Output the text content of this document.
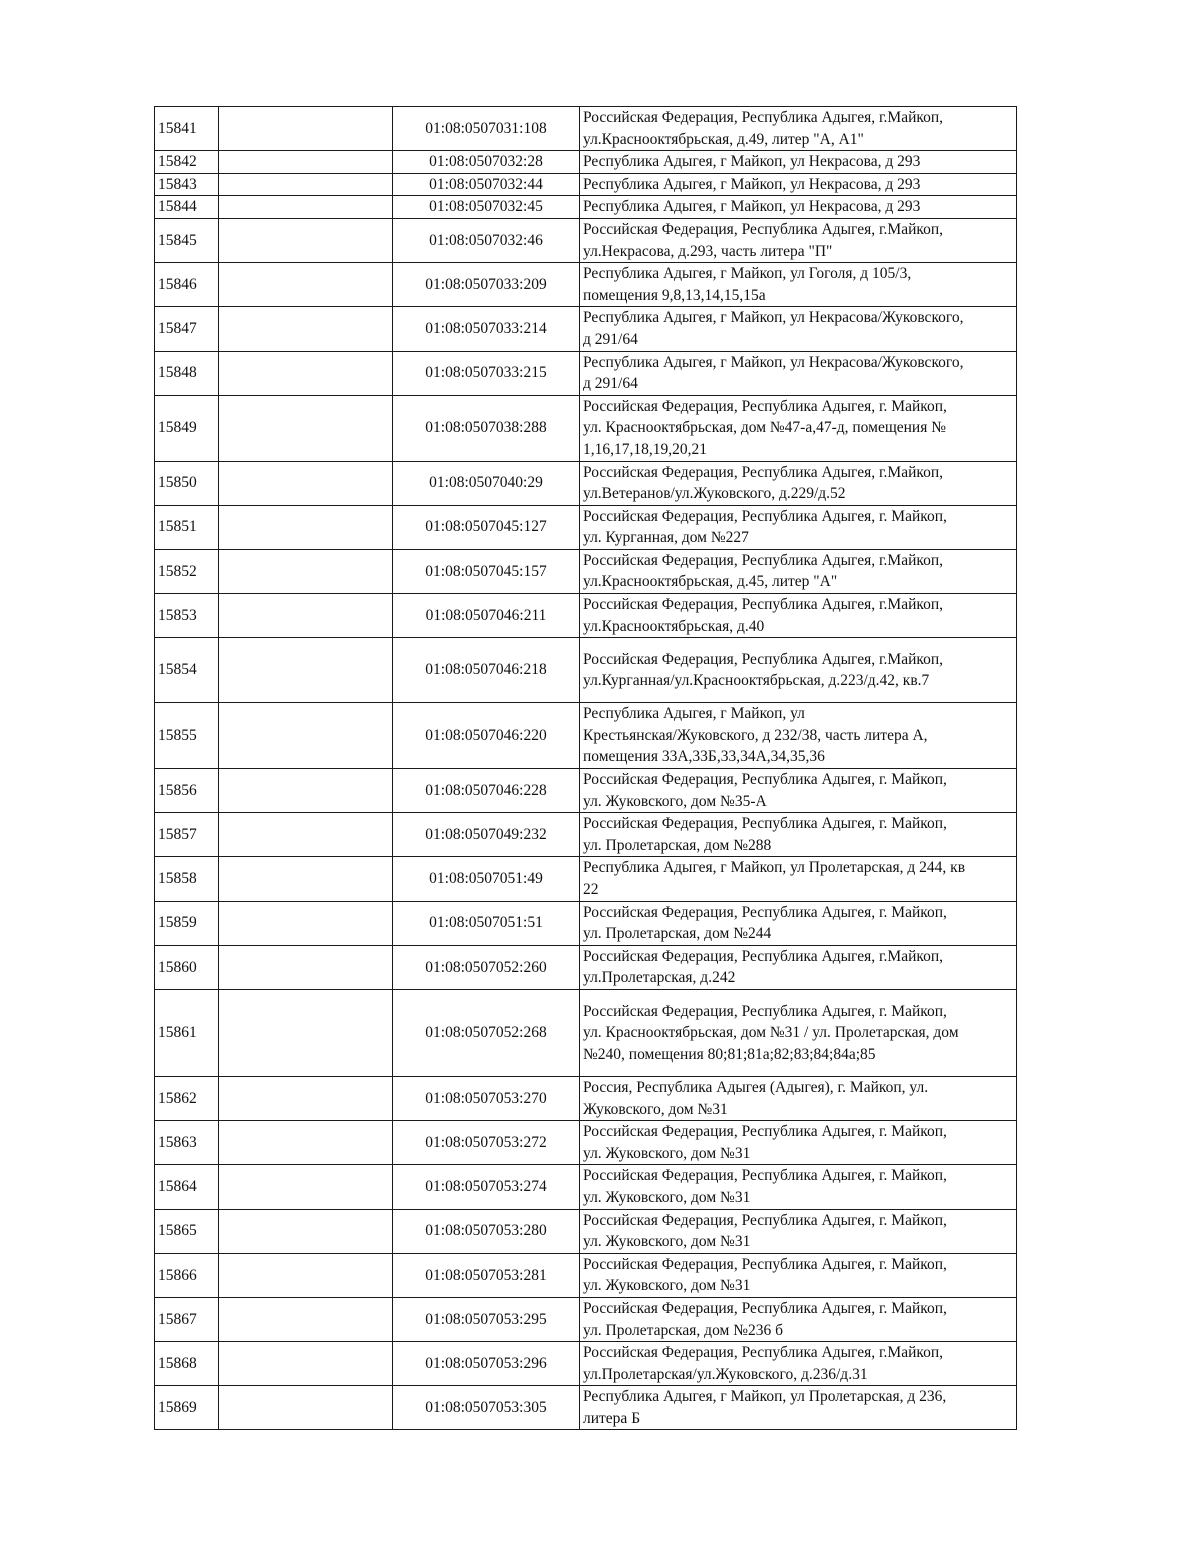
15841		01:08:0507031:108	Российская Федерация, Республика Адыгея, г.Майкоп,
ул.Краснооктябрьская, д.49, литер "А, А1"

15842		01:08:0507032:28	Республика Адыгея, г Майкоп, ул Некрасова, д 293

15843		01:08:0507032:44	Республика Адыгея, г Майкоп, ул Некрасова, д 293

15844		01:08:0507032:45	Республика Адыгея, г Майкоп, ул Некрасова, д 293

15845		01:08:0507032:46	Российская Федерация, Республика Адыгея, г.Майкоп,
ул.Некрасова, д.293, часть литера "П"

15846		01:08:0507033:209	Республика Адыгея, г Майкоп, ул Гоголя, д 105/3,
помещения 9,8,13,14,15,15а

15847		01:08:0507033:214	Республика Адыгея, г Майкоп, ул Некрасова/Жуковского,
д 291/64

15848		01:08:0507033:215	Республика Адыгея, г Майкоп, ул Некрасова/Жуковского,
д 291/64

15849		01:08:0507038:288	Российская Федерация, Республика Адыгея, г. Майкоп,
ул. Краснооктябрьская, дом №47-а,47-д, помещения №
1,16,17,18,19,20,21

15850		01:08:0507040:29	Российская Федерация, Республика Адыгея, г.Майкоп,
ул.Ветеранов/ул.Жуковского, д.229/д.52

15851		01:08:0507045:127	Российская Федерация, Республика Адыгея, г. Майкоп,
ул. Курганная, дом №227

15852		01:08:0507045:157	Российская Федерация, Республика Адыгея, г.Майкоп,
ул.Краснооктябрьская, д.45, литер "А"

15853		01:08:0507046:211	Российская Федерация, Республика Адыгея, г.Майкоп,
ул.Краснооктябрьская, д.40

15854		01:08:0507046:218	Российская Федерация, Республика Адыгея, г.Майкоп,
ул.Курганная/ул.Краснооктябрьская, д.223/д.42, кв.7

15855		01:08:0507046:220	Республика Адыгея, г Майкоп, ул
Крестьянская/Жуковского, д 232/38, часть литера А,
помещения 33А,33Б,33,34А,34,35,36

15856		01:08:0507046:228	Российская Федерация, Республика Адыгея, г. Майкоп,
ул. Жуковского, дом №35-А

15857		01:08:0507049:232	Российская Федерация, Республика Адыгея, г. Майкоп,
ул. Пролетарская, дом №288

15858		01:08:0507051:49	Республика Адыгея, г Майкоп, ул Пролетарская, д 244, кв
22

15859		01:08:0507051:51	Российская Федерация, Республика Адыгея, г. Майкоп,
ул. Пролетарская, дом №244

15860		01:08:0507052:260	Российская Федерация, Республика Адыгея, г.Майкоп,
ул.Пролетарская, д.242

15861		01:08:0507052:268	Российская Федерация, Республика Адыгея, г. Майкоп,
ул. Краснооктябрьская, дом №31 / ул. Пролетарская, дом
№240, помещения 80;81;81а;82;83;84;84а;85

15862		01:08:0507053:270	Россия, Республика Адыгея (Адыгея), г. Майкоп, ул.
Жуковского, дом №31

15863		01:08:0507053:272	Российская Федерация, Республика Адыгея, г. Майкоп,
ул. Жуковского, дом №31

15864		01:08:0507053:274	Российская Федерация, Республика Адыгея, г. Майкоп,
ул. Жуковского, дом №31

15865		01:08:0507053:280	Российская Федерация, Республика Адыгея, г. Майкоп,
ул. Жуковского, дом №31

15866		01:08:0507053:281	Российская Федерация, Республика Адыгея, г. Майкоп,
ул. Жуковского, дом №31

15867		01:08:0507053:295	Российская Федерация, Республика Адыгея, г. Майкоп,
ул. Пролетарская, дом №236 б

15868		01:08:0507053:296	Российская Федерация, Республика Адыгея, г.Майкоп,
ул.Пролетарская/ул.Жуковского, д.236/д.31

15869		01:08:0507053:305	Республика Адыгея, г Майкоп, ул Пролетарская, д 236,
литера Б
